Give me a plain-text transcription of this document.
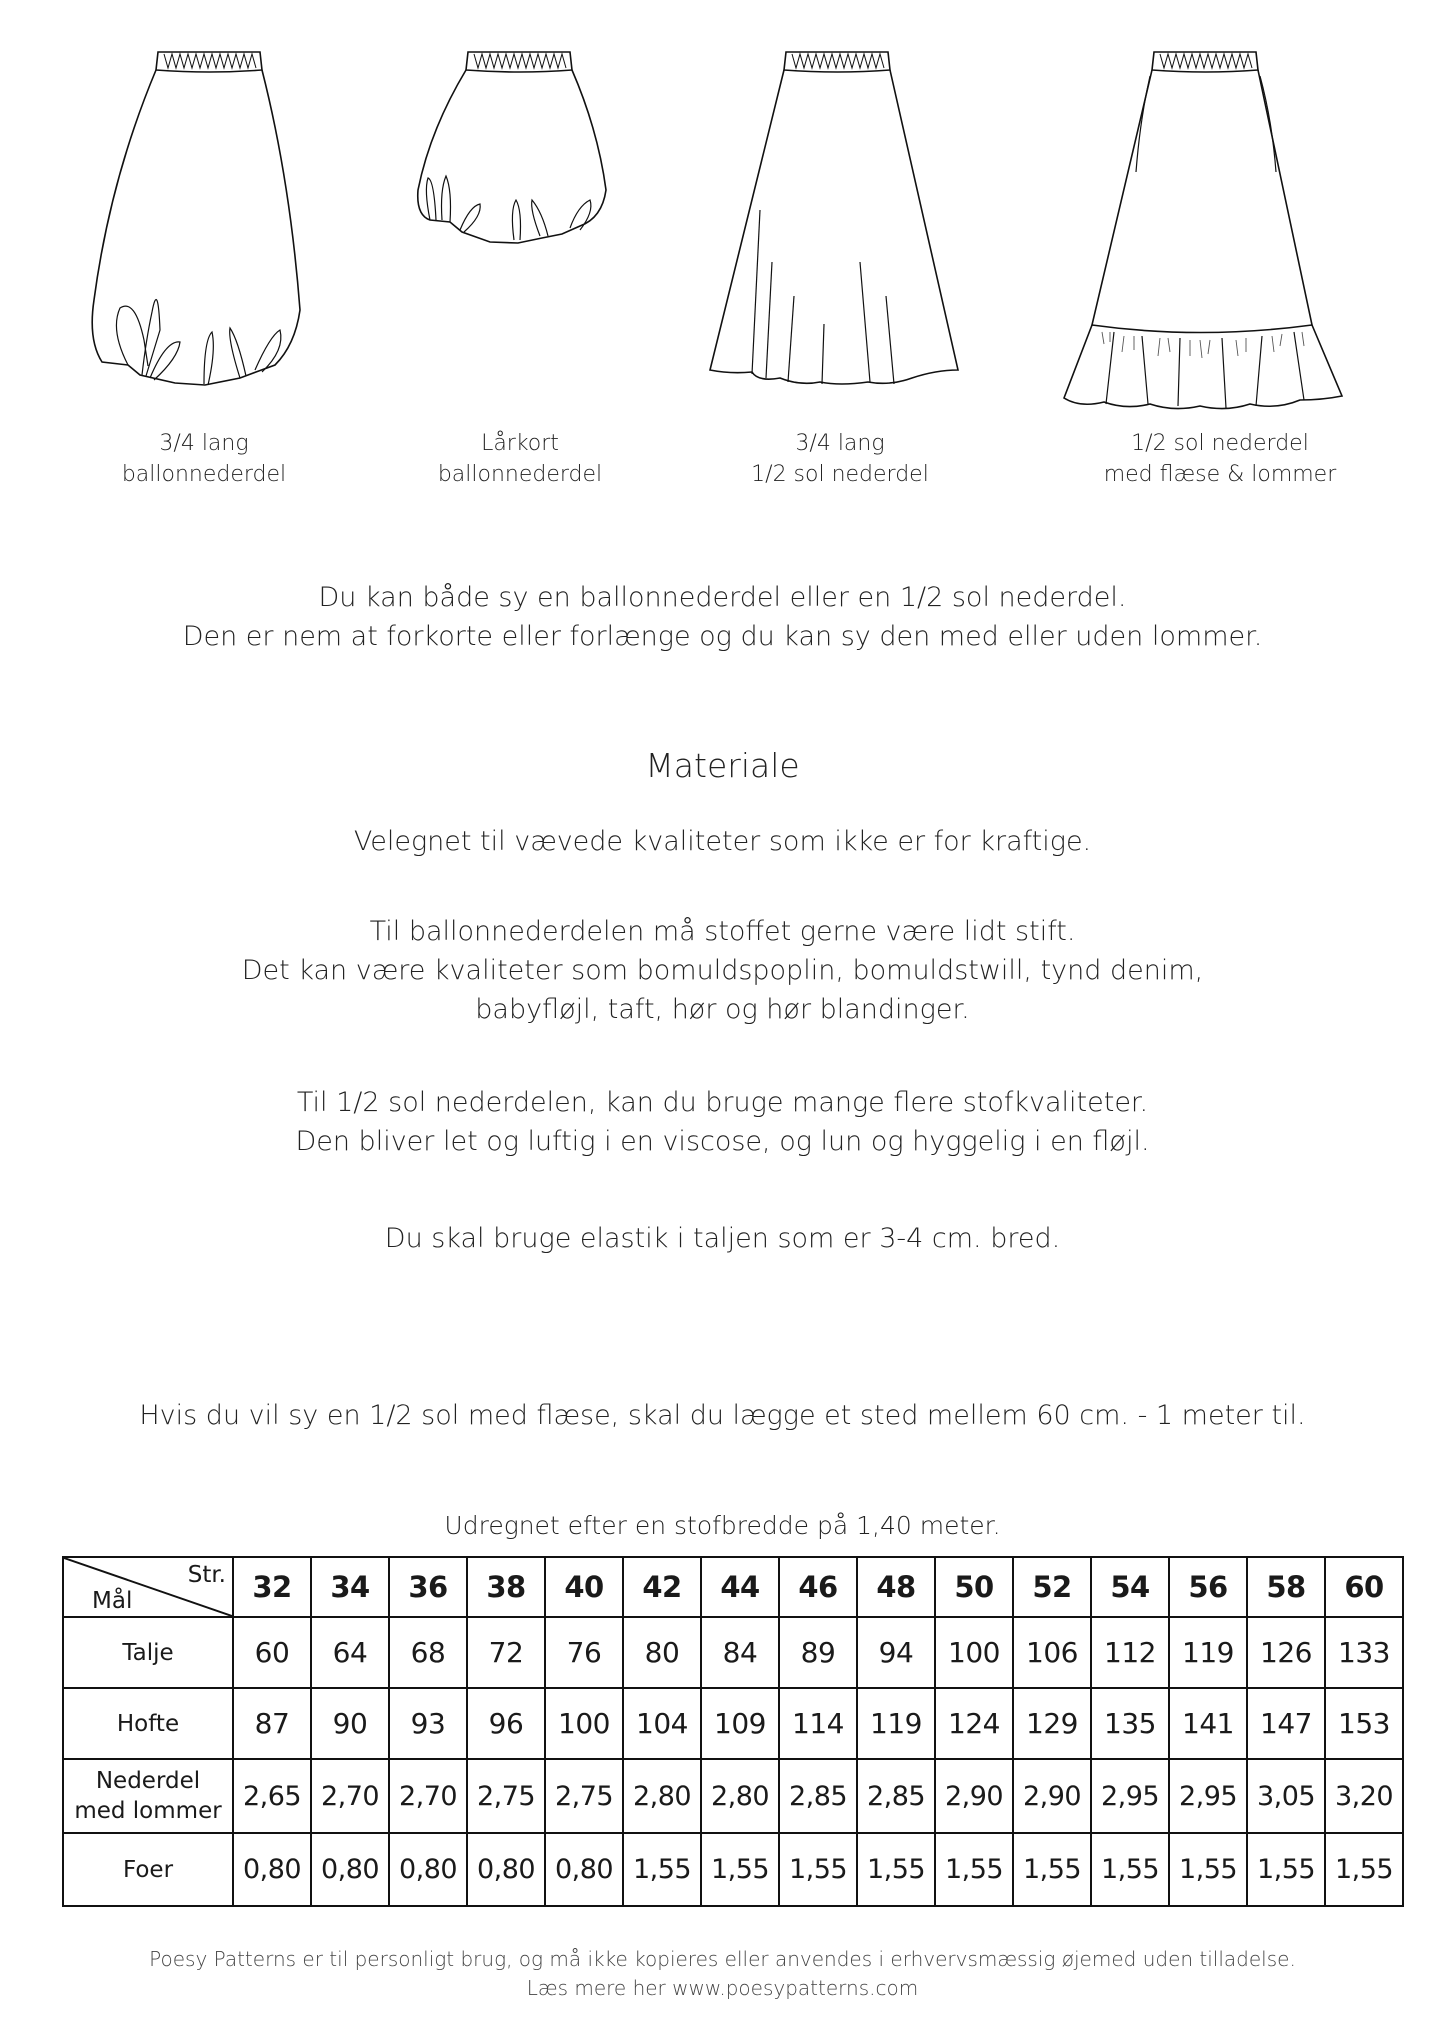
3/4 lang
ballonnederdel
Lårkort
ballonnederdel
3/4 lang
1/2 sol nederdel
1/2 sol nederdel
med flæse & lommer
Du kan både sy en ballonnederdel eller en 1/2 sol nederdel.
Den er nem at forkorte eller forlænge og du kan sy den med eller uden lommer.
Materiale
Velegnet til vævede kvaliteter som ikke er for kraftige.
Til ballonnederdelen må stoffet gerne være lidt stift.
Det kan være kvaliteter som bomuldspoplin, bomuldstwill, tynd denim,
babyfløjl, taft, hør og hør blandinger.
Til 1/2 sol nederdelen, kan du bruge mange flere stofkvaliteter.
Den bliver let og luftig i en viscose, og lun og hyggelig i en fløjl.
Du skal bruge elastik i taljen som er 3-4 cm. bred.
Hvis du vil sy en 1/2 sol med flæse, skal du lægge et sted mellem 60 cm. - 1 meter til.
Udregnet efter en stofbredde på 1,40 meter.
Str.
Mål	32	34	36	38	40	42	44	46	48	50	52	54	56	58	60
Talje	60	64	68	72	76	80	84	89	94	100	106	112	119	126	133
Hofte	87	90	93	96	100	104	109	114	119	124	129	135	141	147	153

Nederdel
med lommer	2,65	2,70	2,70	2,75	2,75	2,80	2,80	2,85	2,85	2,90	2,90	2,95	2,95	3,05	3,20
Foer	0,80	0,80	0,80	0,80	0,80	1,55	1,55	1,55	1,55	1,55	1,55	1,55	1,55	1,55	1,55
Poesy Patterns er til personligt brug, og må ikke kopieres eller anvendes i erhvervsmæssig øjemed uden tilladelse.
Læs mere her www.poesypatterns.com
